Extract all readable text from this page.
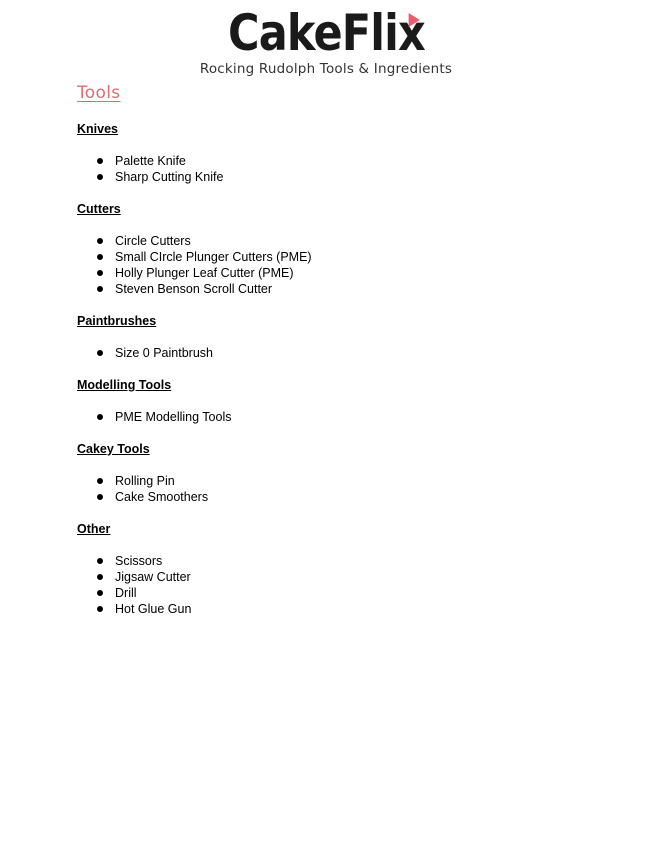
CakeFlix
Rocking Rudolph Tools & Ingredients
Tools
Knives
Palette Knife
Sharp Cutting Knife
Cutters
Circle Cutters
Small CIrcle Plunger Cutters (PME)
Holly Plunger Leaf Cutter (PME)
Steven Benson Scroll Cutter
Paintbrushes
Size 0 Paintbrush
Modelling Tools
PME Modelling Tools
Cakey Tools
Rolling Pin
Cake Smoothers
Other
Scissors
Jigsaw Cutter
Drill
Hot Glue Gun
